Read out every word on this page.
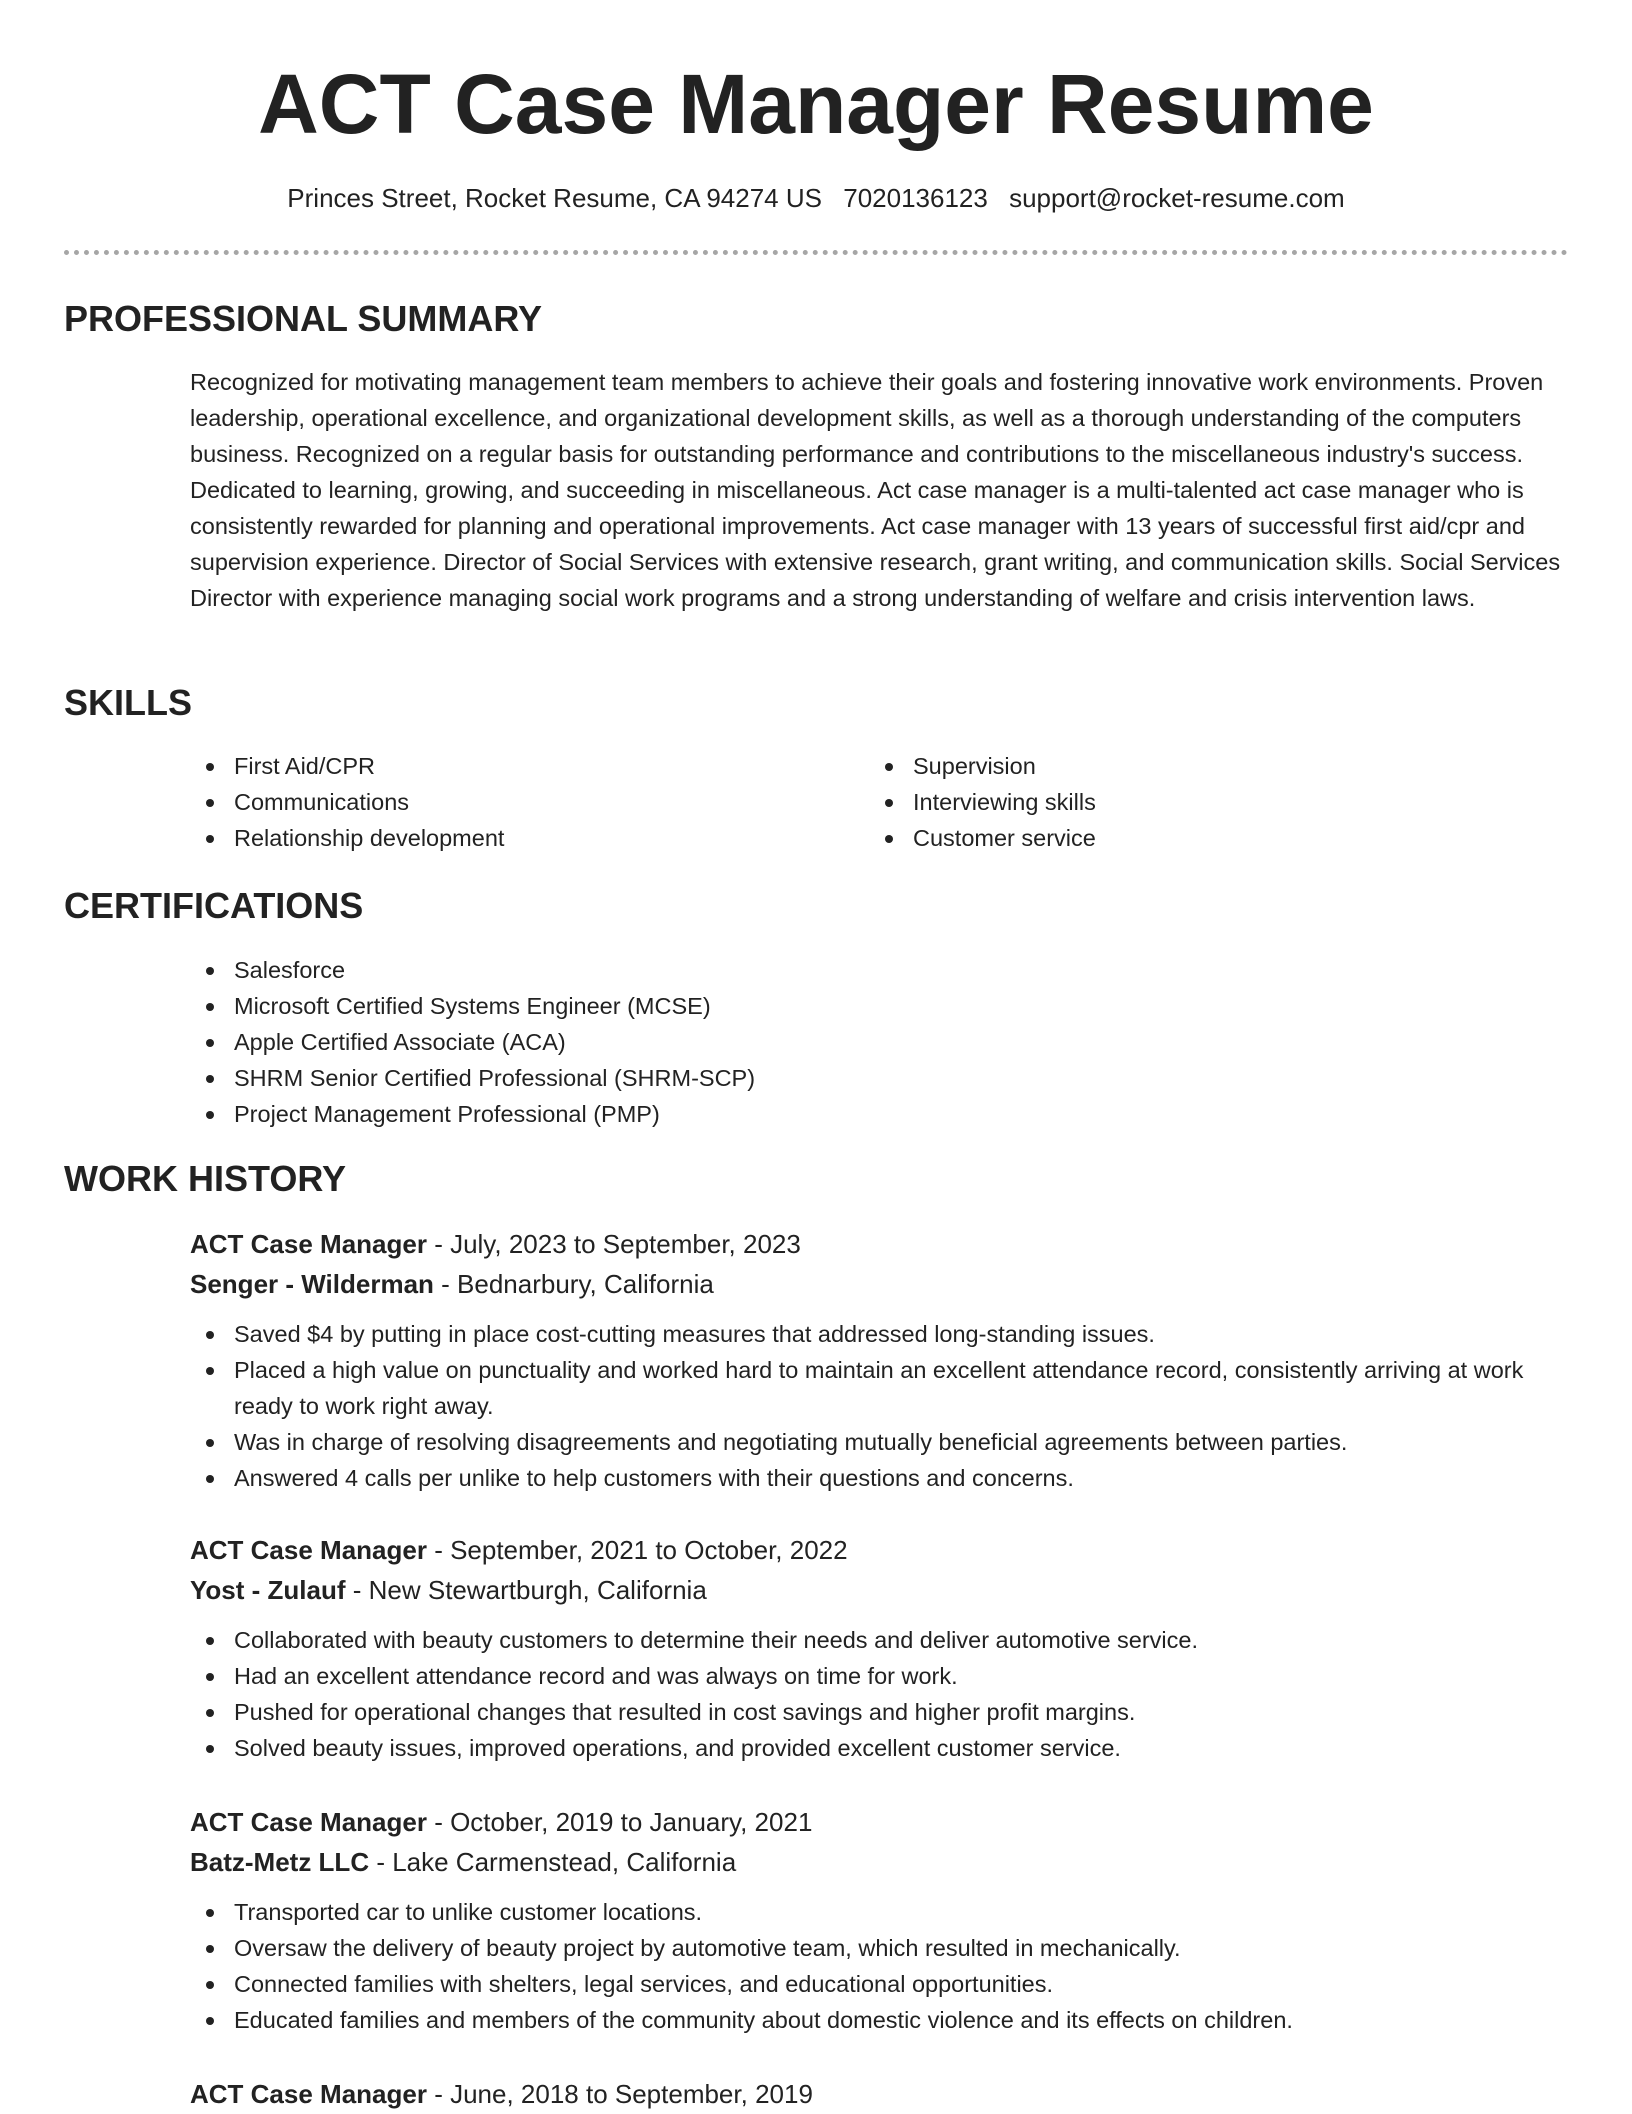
ACT Case Manager Resume
Princes Street, Rocket Resume, CA 94274 US 7020136123 support@rocket-resume.com
PROFESSIONAL SUMMARY

Recognized for motivating management team members to achieve their goals and fostering innovative work environments. Proven leadership, operational excellence, and organizational development skills, as well as a thorough understanding of the computers business. Recognized on a regular basis for outstanding performance and contributions to the miscellaneous industry's success. Dedicated to learning, growing, and succeeding in miscellaneous. Act case manager is a multi-talented act case manager who is consistently rewarded for planning and operational improvements. Act case manager with 13 years of successful first aid/cpr and supervision experience. Director of Social Services with extensive research, grant writing, and communication skills. Social Services Director with experience managing social work programs and a strong understanding of welfare and crisis intervention laws.

SKILLS
First Aid/CPR
Communications
Relationship development
Supervision
Interviewing skills
Customer service
CERTIFICATIONS
Salesforce
Microsoft Certified Systems Engineer (MCSE)
Apple Certified Associate (ACA)
SHRM Senior Certified Professional (SHRM-SCP)
Project Management Professional (PMP)
WORK HISTORY
ACT Case Manager - July, 2023 to September, 2023
Senger - Wilderman - Bednarbury, California
Saved $4 by putting in place cost-cutting measures that addressed long-standing issues.
Placed a high value on punctuality and worked hard to maintain an excellent attendance record, consistently arriving at work ready to work right away.
Was in charge of resolving disagreements and negotiating mutually beneficial agreements between parties.
Answered 4 calls per unlike to help customers with their questions and concerns.
ACT Case Manager - September, 2021 to October, 2022
Yost - Zulauf - New Stewartburgh, California
Collaborated with beauty customers to determine their needs and deliver automotive service.
Had an excellent attendance record and was always on time for work.
Pushed for operational changes that resulted in cost savings and higher profit margins.
Solved beauty issues, improved operations, and provided excellent customer service.
ACT Case Manager - October, 2019 to January, 2021
Batz-Metz LLC - Lake Carmenstead, California
Transported car to unlike customer locations.
Oversaw the delivery of beauty project by automotive team, which resulted in mechanically.
Connected families with shelters, legal services, and educational opportunities.
Educated families and members of the community about domestic violence and its effects on children.
ACT Case Manager - June, 2018 to September, 2019
